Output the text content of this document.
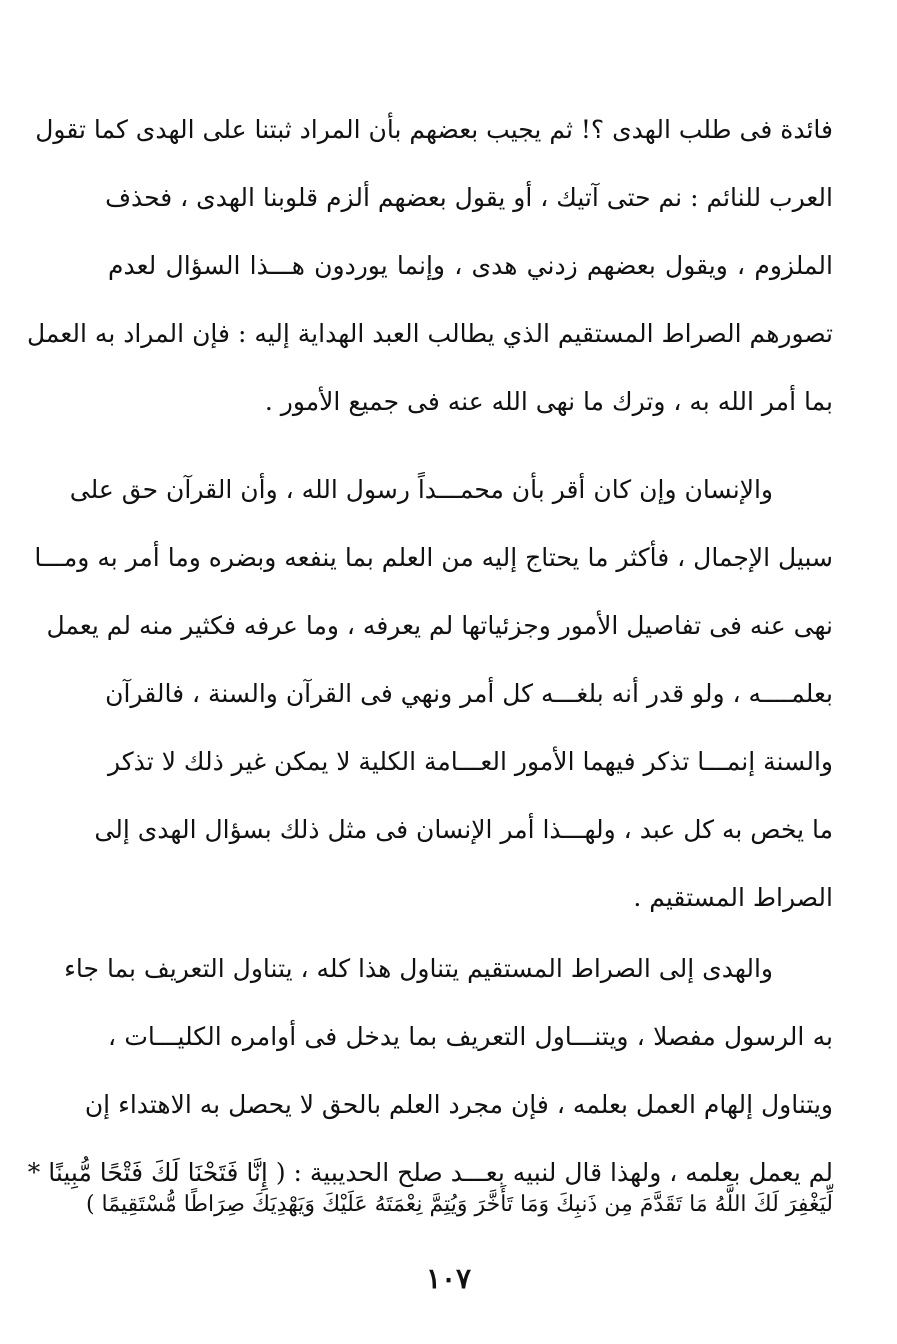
فائدة فى طلب الهدى ؟! ثم يجيب بعضهم بأن المراد ثبتنا على الهدى كما تقول
العرب للنائم : نم حتى آتيك ، أو يقول بعضهم ألزم قلوبنا الهدى ، فحذف
الملزوم ، ويقول بعضهم زدني هدى ، وإنما يوردون هـــذا السؤال لعدم
تصورهم الصراط المستقيم الذي يطالب العبد الهداية إليه : فإن المراد به العمل
بما أمر الله به ، وترك ما نهى الله عنه فى جميع الأمور .
والإنسان وإن كان أقر بأن محمـــداً رسول الله ، وأن القرآن حق على
سبيل الإجمال ، فأكثر ما يحتاج إليه من العلم بما ينفعه وبضره وما أمر به ومـــا
نهى عنه فى تفاصيل الأمور وجزئياتها لم يعرفه ، وما عرفه فكثير منه لم يعمل
بعلمــــه ، ولو قدر أنه بلغـــه كل أمر ونهي فى القرآن والسنة ، فالقرآن
والسنة إنمـــا تذكر فيهما الأمور العـــامة الكلية لا يمكن غير ذلك لا تذكر
ما يخص به كل عبد ، ولهـــذا أمر الإنسان فى مثل ذلك بسؤال الهدى إلى
الصراط المستقيم .
والهدى إلى الصراط المستقيم يتناول هذا كله ، يتناول التعريف بما جاء
به الرسول مفصلا ، ويتنـــاول التعريف بما يدخل فى أوامره الكليـــات ،
ويتناول إلهام العمل بعلمه ، فإن مجرد العلم بالحق لا يحصل به الاهتداء إن
لم يعمل بعلمه ، ولهذا قال لنبيه بعـــد صلح الحديبية : ( إِنَّا فَتَحْنَا لَكَ فَتْحًا مُّبِينًا *
لِّيَغْفِرَ لَكَ اللَّهُ مَا تَقَدَّمَ مِن ذَنبِكَ وَمَا تَأَخَّرَ وَيُتِمَّ نِعْمَتَهُ عَلَيْكَ وَيَهْدِيَكَ صِرَاطًا مُّسْتَقِيمًا )
١٠٧
